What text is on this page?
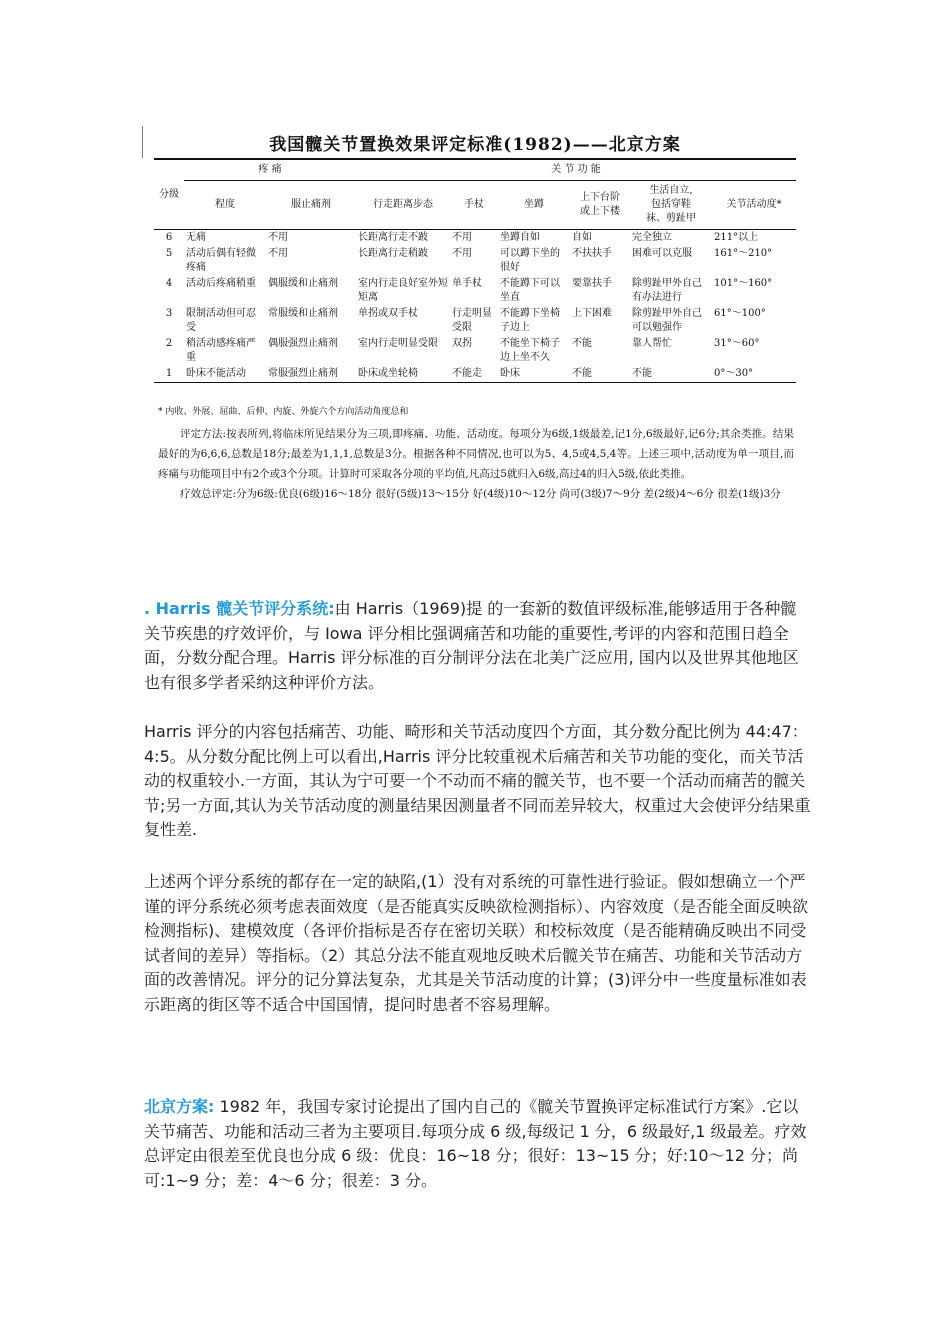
我国髋关节置换效果评定标准(1982)——北京方案
分级	疼 痛		关 节 功 能					
	程度	服止痛剂	行走距离步态	手杖	坐蹲	上下台阶
或上下楼	生活自立,
包括穿鞋
袜、剪趾甲	关节活动度*
6	无痛	不用	长距离行走不跛	不用	坐蹲自如	自如	完全独立	211°以上
5	活动后偶有轻微疼痛	不用	长距离行走稍跛	不用	可以蹲下坐的很好	不扶扶手	困难可以克服	161°～210°
4	活动后疼痛稍重	偶服缓和止痛剂	室内行走良好室外短矩离	单手杖	不能蹲下可以坐直	要靠扶手	除剪趾甲外自己有办法进行	101°～160°
3	限制活动但可忍受	常服缓和止痛剂	单拐或双手杖	行走明显受限	不能蹲下坐椅子边上	上下困难	除剪趾甲外自己可以勉强作	61°～100°
2	稍活动感疼痛严重	偶服强烈止痛剂	室内行走明显受限	双拐	不能坐下椅子边上坐不久	不能	靠人帮忙	31°～60°
1	卧床不能活动	常服强烈止痛剂	卧床或坐轮椅	不能走	卧床	不能	不能	0°～30°
* 内收、外展、屈曲、后伸、内旋、外旋六个方向活动角度总和

评定方法:按表所列,将临床所见结果分为三项,即疼痛、功能、活动度。每项分为6级,1级最差,记1分,6级最好,记6分;其余类推。结果最好的为6,6,6,总数是18分;最差为1,1,1,总数是3分。根据各种不同情况,也可以为5、4,5或4,5,4等。上述三项中,活动度为单一项目,而疼痛与功能项目中有2个或3个分项。计算时可采取各分项的平均值,凡高过5就归入6级,高过4的归入5级,依此类推。

疗效总评定:分为6级:优良(6级)16～18分 很好(5级)13～15分 好(4级)10～12分 尚可(3级)7～9分 差(2级)4～6分 很差(1级)3分

. Harris 髋关节评分系统:由 Harris（1969)提 的一套新的数值评级标准,能够适用于各种髋关节疾患的疗效评价，与 Iowa 评分相比强调痛苦和功能的重要性,考评的内容和范围日趋全面，分数分配合理。Harris 评分标准的百分制评分法在北美广泛应用, 国内以及世界其他地区也有很多学者采纳这种评价方法。

Harris 评分的内容包括痛苦、功能、畸形和关节活动度四个方面，其分数分配比例为 44:47：4:5。从分数分配比例上可以看出,Harris 评分比较重视术后痛苦和关节功能的变化，而关节活动的权重较小.一方面，其认为宁可要一个不动而不痛的髋关节，也不要一个活动而痛苦的髋关节;另一方面,其认为关节活动度的测量结果因测量者不同而差异较大，权重过大会使评分结果重复性差.

上述两个评分系统的都存在一定的缺陷,(1）没有对系统的可靠性进行验证。假如想确立一个严谨的评分系统必须考虑表面效度（是否能真实反映欲检测指标）、内容效度（是否能全面反映欲检测指标)、建模效度（各评价指标是否存在密切关联）和校标效度（是否能精确反映出不同受试者间的差异）等指标。（2）其总分法不能直观地反映术后髋关节在痛苦、功能和关节活动方面的改善情况。评分的记分算法复杂，尤其是关节活动度的计算；(3)评分中一些度量标准如表示距离的街区等不适合中国国情，提问时患者不容易理解。

北京方案: 1982 年，我国专家讨论提出了国内自己的《髋关节置换评定标准试行方案》.它以关节痛苦、功能和活动三者为主要项目.每项分成 6 级,每级记 1 分，6 级最好,1 级最差。疗效总评定由很差至优良也分成 6 级：优良：16~18 分；很好：13~15 分；好:10～12 分；尚可:1~9 分；差：4～6 分；很差：3 分。
